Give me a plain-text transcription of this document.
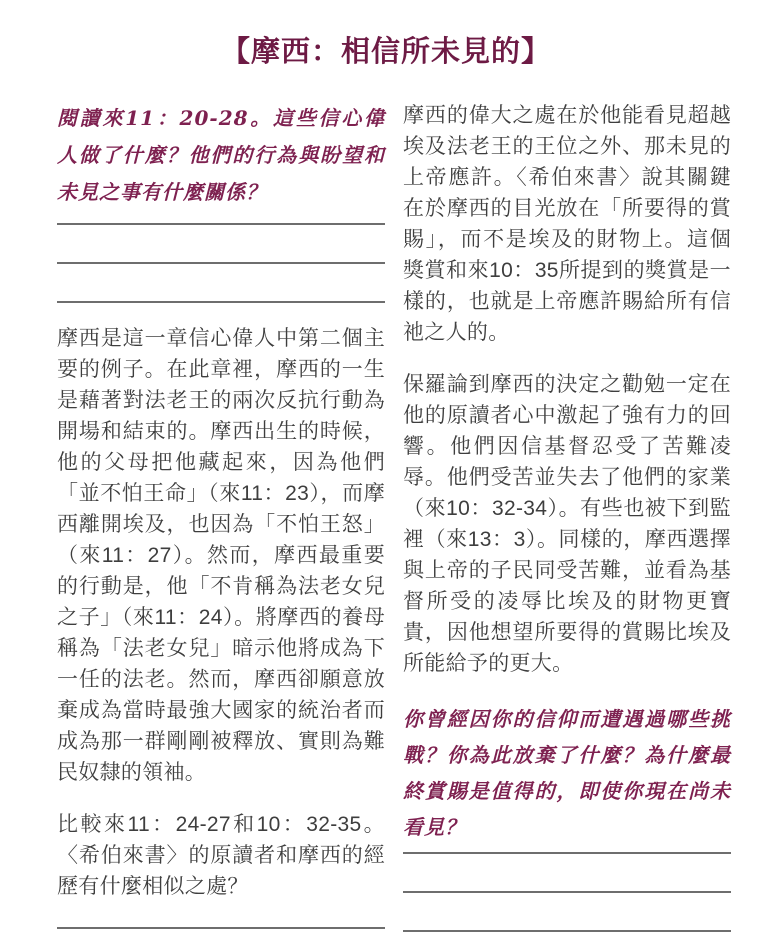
【摩西：相信所未見的】

閱讀來11：20-28。這些信心偉人做了什麼？他們的行為與盼望和未見之事有什麼關係？

摩西是這一章信心偉人中第二個主要的例子。在此章裡，摩西的一生是藉著對法老王的兩次反抗行動為開場和結束的。摩西出生的時候，他的父母把他藏起來，因為他們「並不怕王命」（來11：23），而摩西離開埃及，也因為「不怕王怒」（來11：27）。然而，摩西最重要的行動是，他「不肯稱為法老女兒之子」（來11：24）。將摩西的養母稱為「法老女兒」暗示他將成為下一任的法老。然而，摩西卻願意放棄成為當時最強大國家的統治者而成為那一群剛剛被釋放、實則為難民奴隸的領袖。

比較來11：24-27和10：32-35。〈希伯來書〉的原讀者和摩西的經歷有什麼相似之處？

摩西的偉大之處在於他能看見超越埃及法老王的王位之外、那未見的上帝應許。〈希伯來書〉說其關鍵在於摩西的目光放在「所要得的賞賜」，而不是埃及的財物上。這個獎賞和來10：35所提到的獎賞是一樣的，也就是上帝應許賜給所有信祂之人的。

保羅論到摩西的決定之勸勉一定在他的原讀者心中激起了強有力的回響。他們因信基督忍受了苦難凌辱。他們受苦並失去了他們的家業（來10：32-34）。有些也被下到監裡（來13：3）。同樣的，摩西選擇與上帝的子民同受苦難，並看為基督所受的凌辱比埃及的財物更寶貴，因他想望所要得的賞賜比埃及所能給予的更大。

你曾經因你的信仰而遭遇過哪些挑戰？你為此放棄了什麼？為什麼最終賞賜是值得的，即使你現在尚未看見？
